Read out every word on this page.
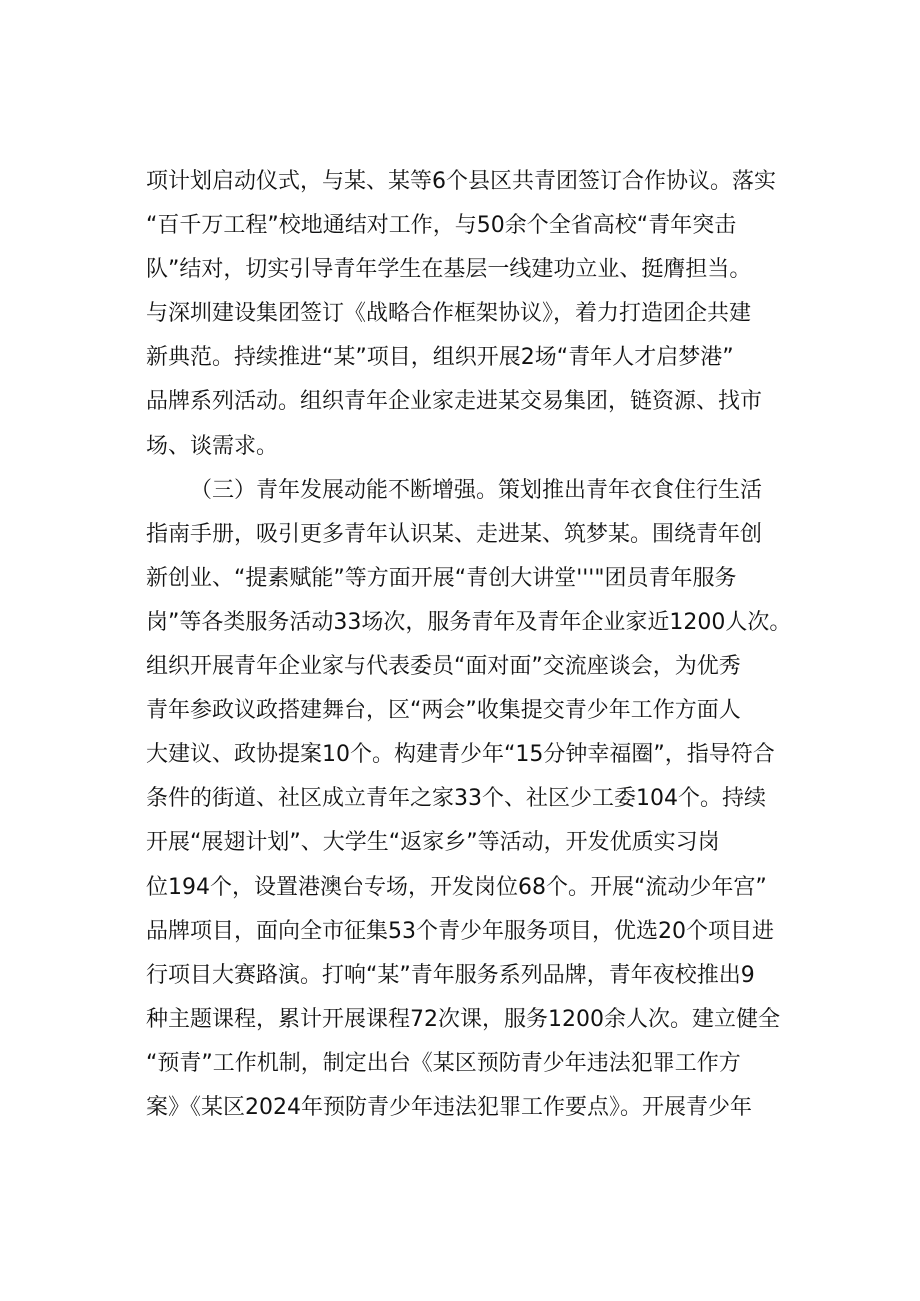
项计划启动仪式，与某、某等6个县区共青团签订合作协议。落实
“百千万工程”校地通结对工作，与50余个全省高校“青年突击
队”结对，切实引导青年学生在基层一线建功立业、挺膺担当。
与深圳建设集团签订《战略合作框架协议》，着力打造团企共建
新典范。持续推进“某”项目，组织开展2场“青年人才启梦港”
品牌系列活动。组织青年企业家走进某交易集团，链资源、找市
场、谈需求。
（三）青年发展动能不断增强。策划推出青年衣食住行生活
指南手册，吸引更多青年认识某、走进某、筑梦某。围绕青年创
新创业、“提素赋能”等方面开展“青创大讲堂'''"团员青年服务
岗”等各类服务活动33场次，服务青年及青年企业家近1200人次。
组织开展青年企业家与代表委员“面对面”交流座谈会，为优秀
青年参政议政搭建舞台，区“两会”收集提交青少年工作方面人
大建议、政协提案10个。构建青少年“15分钟幸福圈”，指导符合
条件的街道、社区成立青年之家33个、社区少工委104个。持续
开展“展翅计划”、大学生“返家乡”等活动，开发优质实习岗
位194个，设置港澳台专场，开发岗位68个。开展“流动少年宫”
品牌项目，面向全市征集53个青少年服务项目，优选20个项目进
行项目大赛路演。打响“某”青年服务系列品牌，青年夜校推出9
种主题课程，累计开展课程72次课，服务1200余人次。建立健全
“预青”工作机制，制定出台《某区预防青少年违法犯罪工作方
案》《某区2024年预防青少年违法犯罪工作要点》。开展青少年
